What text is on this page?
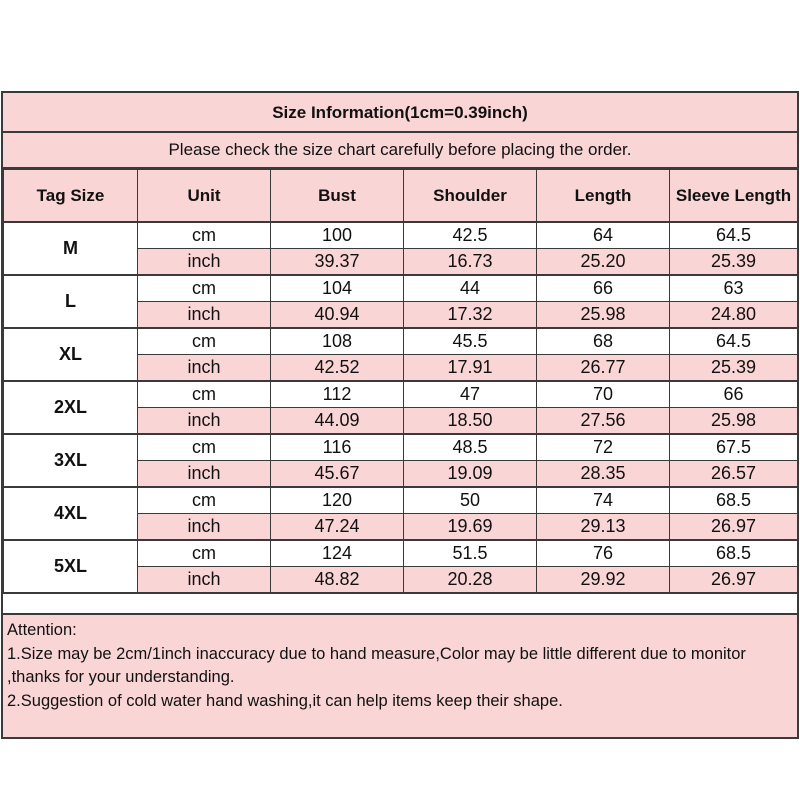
Size Information(1cm=0.39inch)
Please check the size chart carefully before placing the order.
Tag Size	Unit	Bust	Shoulder	Length	Sleeve Length
M	cm	100	42.5	64	64.5
	inch	39.37	16.73	25.20	25.39
L	cm	104	44	66	63
	inch	40.94	17.32	25.98	24.80
XL	cm	108	45.5	68	64.5
	inch	42.52	17.91	26.77	25.39
2XL	cm	112	47	70	66
	inch	44.09	18.50	27.56	25.98
3XL	cm	116	48.5	72	67.5
	inch	45.67	19.09	28.35	26.57
4XL	cm	120	50	74	68.5
	inch	47.24	19.69	29.13	26.97
5XL	cm	124	51.5	76	68.5
	inch	48.82	20.28	29.92	26.97

Attention:

1.Size may be 2cm/1inch inaccuracy due to hand measure,Color may be little different due to monitor ,thanks for your understanding.

2.Suggestion of cold water hand washing,it can help items keep their shape.
